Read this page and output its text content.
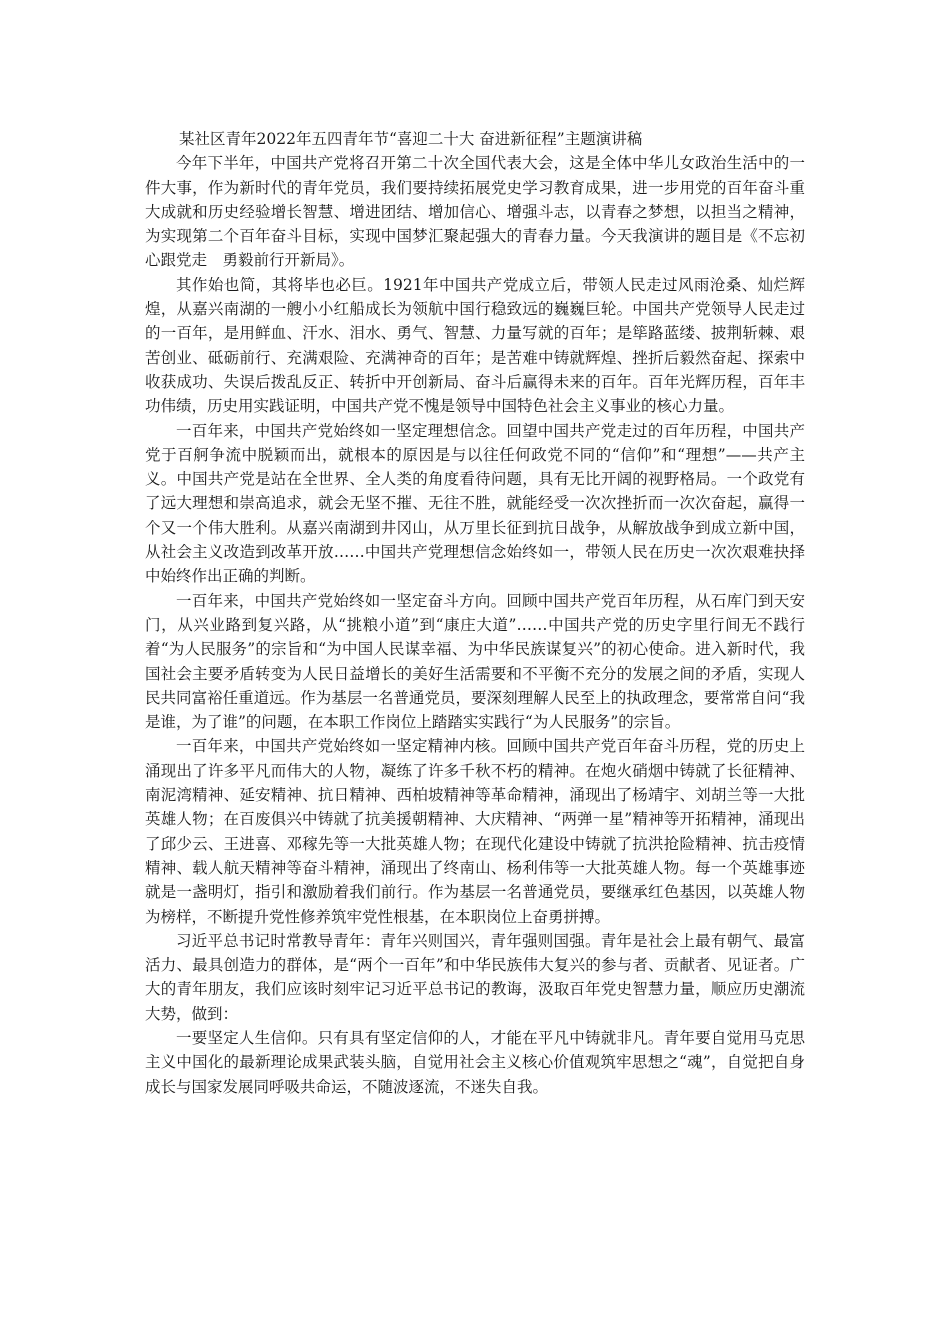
某社区青年2022年五四青年节“喜迎二十大 奋进新征程”主题演讲稿

今年下半年，中国共产党将召开第二十次全国代表大会，这是全体中华儿女政治生活中的一件大事，作为新时代的青年党员，我们要持续拓展党史学习教育成果，进一步用党的百年奋斗重大成就和历史经验增长智慧、增进团结、增加信心、增强斗志，以青春之梦想，以担当之精神，为实现第二个百年奋斗目标，实现中国梦汇聚起强大的青春力量。今天我演讲的题目是《不忘初心跟党走　勇毅前行开新局》。

其作始也简，其将毕也必巨。1921年中国共产党成立后，带领人民走过风雨沧桑、灿烂辉煌，从嘉兴南湖的一艘小小红船成长为领航中国行稳致远的巍巍巨轮。中国共产党领导人民走过的一百年，是用鲜血、汗水、泪水、勇气、智慧、力量写就的百年；是筚路蓝缕、披荆斩棘、艰苦创业、砥砺前行、充满艰险、充满神奇的百年；是苦难中铸就辉煌、挫折后毅然奋起、探索中收获成功、失误后拨乱反正、转折中开创新局、奋斗后赢得未来的百年。百年光辉历程，百年丰功伟绩，历史用实践证明，中国共产党不愧是领导中国特色社会主义事业的核心力量。

一百年来，中国共产党始终如一坚定理想信念。回望中国共产党走过的百年历程，中国共产党于百舸争流中脱颖而出，就根本的原因是与以往任何政党不同的“信仰”和“理想”——共产主义。中国共产党是站在全世界、全人类的角度看待问题，具有无比开阔的视野格局。一个政党有了远大理想和崇高追求，就会无坚不摧、无往不胜，就能经受一次次挫折而一次次奋起，赢得一个又一个伟大胜利。从嘉兴南湖到井冈山，从万里长征到抗日战争，从解放战争到成立新中国，从社会主义改造到改革开放……中国共产党理想信念始终如一，带领人民在历史一次次艰难抉择中始终作出正确的判断。

一百年来，中国共产党始终如一坚定奋斗方向。回顾中国共产党百年历程，从石库门到天安门，从兴业路到复兴路，从“挑粮小道”到“康庄大道”……中国共产党的历史字里行间无不践行着“为人民服务”的宗旨和“为中国人民谋幸福、为中华民族谋复兴”的初心使命。进入新时代，我国社会主要矛盾转变为人民日益增长的美好生活需要和不平衡不充分的发展之间的矛盾，实现人民共同富裕任重道远。作为基层一名普通党员，要深刻理解人民至上的执政理念，要常常自问“我是谁，为了谁”的问题，在本职工作岗位上踏踏实实践行“为人民服务”的宗旨。

一百年来，中国共产党始终如一坚定精神内核。回顾中国共产党百年奋斗历程，党的历史上涌现出了许多平凡而伟大的人物，凝练了许多千秋不朽的精神。在炮火硝烟中铸就了长征精神、南泥湾精神、延安精神、抗日精神、西柏坡精神等革命精神，涌现出了杨靖宇、刘胡兰等一大批英雄人物；在百废俱兴中铸就了抗美援朝精神、大庆精神、“两弹一星”精神等开拓精神，涌现出了邱少云、王进喜、邓稼先等一大批英雄人物；在现代化建设中铸就了抗洪抢险精神、抗击疫情精神、载人航天精神等奋斗精神，涌现出了终南山、杨利伟等一大批英雄人物。每一个英雄事迹就是一盏明灯，指引和激励着我们前行。作为基层一名普通党员，要继承红色基因，以英雄人物为榜样，不断提升党性修养筑牢党性根基，在本职岗位上奋勇拼搏。

习近平总书记时常教导青年：青年兴则国兴，青年强则国强。青年是社会上最有朝气、最富活力、最具创造力的群体，是“两个一百年”和中华民族伟大复兴的参与者、贡献者、见证者。广大的青年朋友，我们应该时刻牢记习近平总书记的教诲，汲取百年党史智慧力量，顺应历史潮流大势，做到：

一要坚定人生信仰。只有具有坚定信仰的人，才能在平凡中铸就非凡。青年要自觉用马克思主义中国化的最新理论成果武装头脑，自觉用社会主义核心价值观筑牢思想之“魂”，自觉把自身成长与国家发展同呼吸共命运，不随波逐流，不迷失自我。
